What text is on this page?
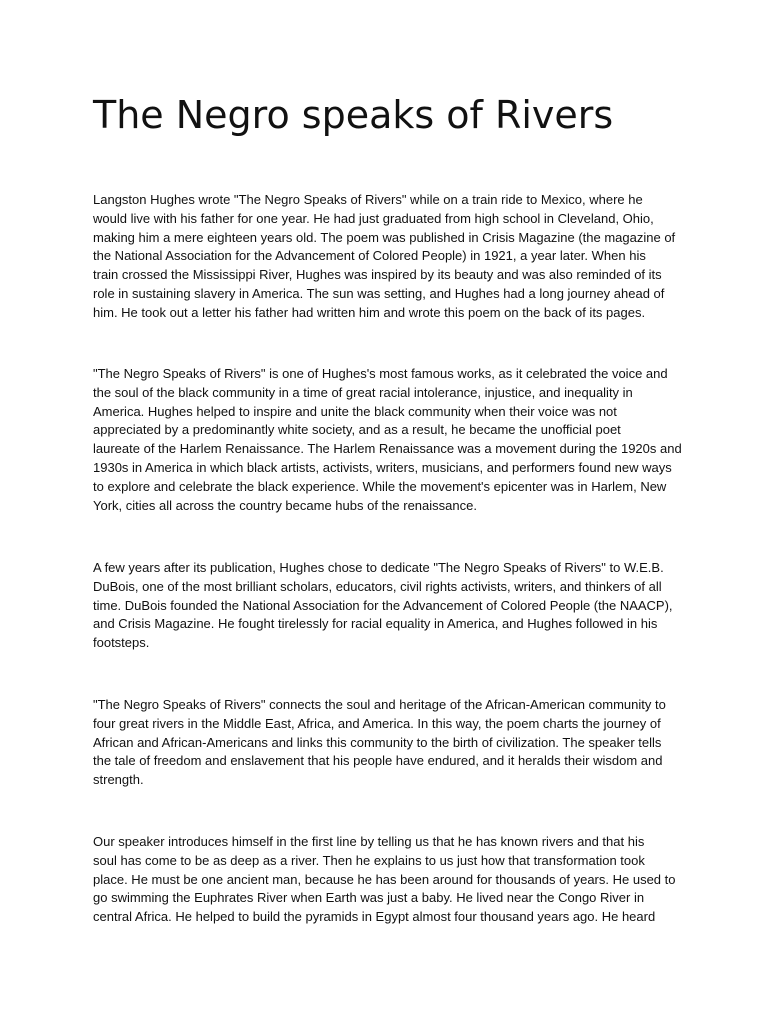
The Negro speaks of Rivers

Langston Hughes wrote "The Negro Speaks of Rivers" while on a train ride to Mexico, where he
would live with his father for one year. He had just graduated from high school in Cleveland, Ohio,
making him a mere eighteen years old. The poem was published in Crisis Magazine (the magazine of
the National Association for the Advancement of Colored People) in 1921, a year later. When his
train crossed the Mississippi River, Hughes was inspired by its beauty and was also reminded of its
role in sustaining slavery in America. The sun was setting, and Hughes had a long journey ahead of
him. He took out a letter his father had written him and wrote this poem on the back of its pages.

"The Negro Speaks of Rivers" is one of Hughes's most famous works, as it celebrated the voice and
the soul of the black community in a time of great racial intolerance, injustice, and inequality in
America. Hughes helped to inspire and unite the black community when their voice was not
appreciated by a predominantly white society, and as a result, he became the unofficial poet
laureate of the Harlem Renaissance. The Harlem Renaissance was a movement during the 1920s and
1930s in America in which black artists, activists, writers, musicians, and performers found new ways
to explore and celebrate the black experience. While the movement's epicenter was in Harlem, New
York, cities all across the country became hubs of the renaissance.

A few years after its publication, Hughes chose to dedicate "The Negro Speaks of Rivers" to W.E.B.
DuBois, one of the most brilliant scholars, educators, civil rights activists, writers, and thinkers of all
time. DuBois founded the National Association for the Advancement of Colored People (the NAACP),
and Crisis Magazine. He fought tirelessly for racial equality in America, and Hughes followed in his
footsteps.

"The Negro Speaks of Rivers" connects the soul and heritage of the African-American community to
four great rivers in the Middle East, Africa, and America. In this way, the poem charts the journey of
African and African-Americans and links this community to the birth of civilization. The speaker tells
the tale of freedom and enslavement that his people have endured, and it heralds their wisdom and
strength.

Our speaker introduces himself in the first line by telling us that he has known rivers and that his
soul has come to be as deep as a river. Then he explains to us just how that transformation took
place. He must be one ancient man, because he has been around for thousands of years. He used to
go swimming the Euphrates River when Earth was just a baby. He lived near the Congo River in
central Africa. He helped to build the pyramids in Egypt almost four thousand years ago. He heard
